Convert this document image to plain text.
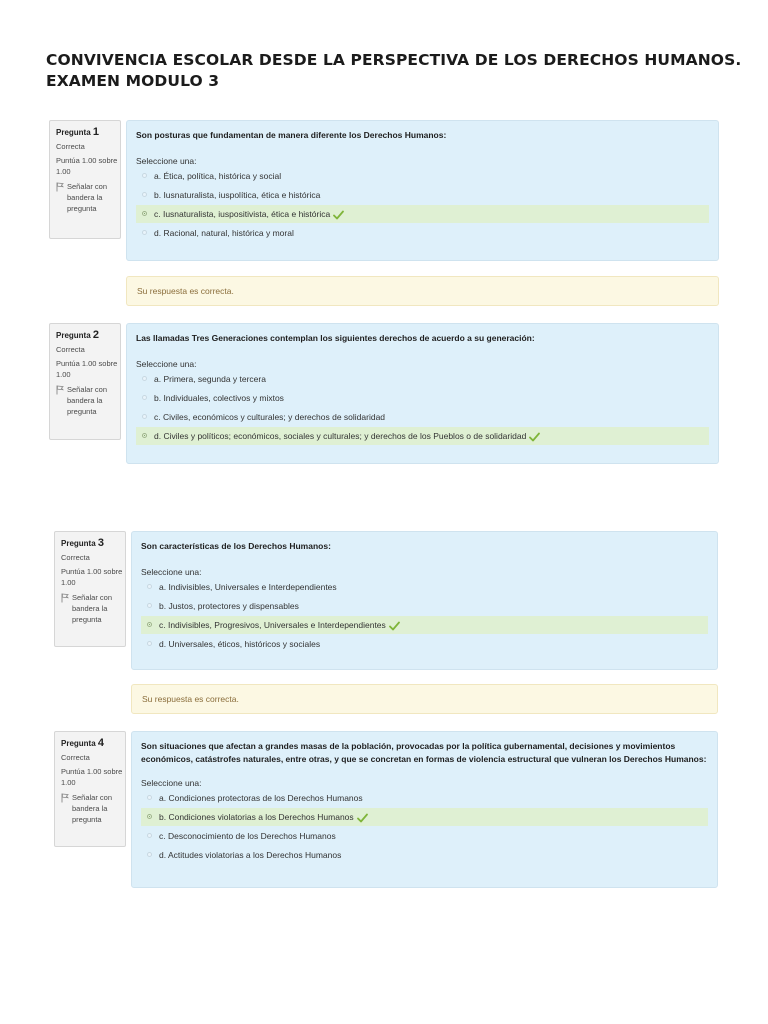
CONVIVENCIA ESCOLAR DESDE LA PERSPECTIVA DE LOS DERECHOS HUMANOS.
EXAMEN MODULO 3
Pregunta 1
Correcta
Puntúa 1.00 sobre 1.00
Señalar con bandera la pregunta
Son posturas que fundamentan de manera diferente los Derechos Humanos:
Seleccione una:
a. Ética, política, histórica y social
b. Iusnaturalista, iuspolítica, ética e histórica
c. Iusnaturalista, iuspositivista, ética e histórica
d. Racional, natural, histórica y moral
Su respuesta es correcta.
Pregunta 2
Correcta
Puntúa 1.00 sobre 1.00
Señalar con bandera la pregunta
Las llamadas Tres Generaciones contemplan los siguientes derechos de acuerdo a su generación:
Seleccione una:
a. Primera, segunda y tercera
b. Individuales, colectivos y mixtos
c. Civiles, económicos y culturales; y derechos de solidaridad
d. Civiles y políticos; económicos, sociales y culturales; y derechos de los Pueblos o de solidaridad
Pregunta 3
Correcta
Puntúa 1.00 sobre 1.00
Señalar con bandera la pregunta
Son características de los Derechos Humanos:
Seleccione una:
a. Indivisibles, Universales e Interdependientes
b. Justos, protectores y dispensables
c. Indivisibles, Progresivos, Universales e Interdependientes
d. Universales, éticos, históricos y sociales
Su respuesta es correcta.
Pregunta 4
Correcta
Puntúa 1.00 sobre 1.00
Señalar con bandera la pregunta
Son situaciones que afectan a grandes masas de la población, provocadas por la política gubernamental, decisiones y movimientos económicos, catástrofes naturales, entre otras, y que se concretan en formas de violencia estructural que vulneran los Derechos Humanos:
Seleccione una:
a. Condiciones protectoras de los Derechos Humanos
b. Condiciones violatorias a los Derechos Humanos
c. Desconocimiento de los Derechos Humanos
d. Actitudes violatorias a los Derechos Humanos
